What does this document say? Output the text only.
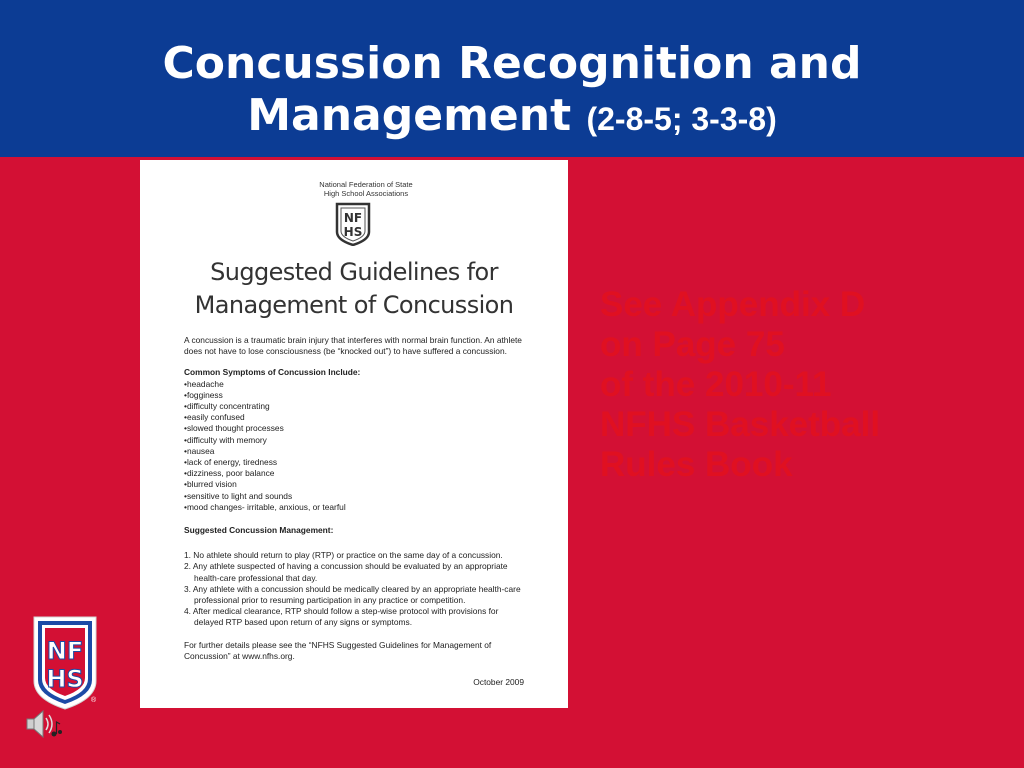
Concussion Recognition and
Management (2-8-5; 3-3-8)
National Federation of State
High School Associations
NF
HS
Suggested Guidelines for
Management of Concussion

A concussion is a traumatic brain injury that interferes with normal brain function. An athlete does not have to lose consciousness (be “knocked out”) to have suffered a concussion.

Common Symptoms of Concussion Include:

• headache
• fogginess
• difficulty concentrating
• easily confused
• slowed thought processes
• difficulty with memory
• nausea
• lack of energy, tiredness
• dizziness, poor balance
• blurred vision
• sensitive to light and sounds
• mood changes- irritable, anxious, or tearful

Suggested Concussion Management:

1. No athlete should return to play (RTP) or practice on the same day of a concussion.
2. Any athlete suspected of having a concussion should be evaluated by an appropriate health-care professional that day.
3. Any athlete with a concussion should be medically cleared by an appropriate health-care professional prior to resuming participation in any practice or competition.
4. After medical clearance, RTP should follow a step-wise protocol with provisions for delayed RTP based upon return of any signs or symptoms.

For further details please see the “NFHS Suggested Guidelines for Management of Concussion” at www.nfhs.org.

October 2009
See Appendix D
on Page 75
of the 2010-11
NFHS Basketball
Rules Book
NF
HS
®
